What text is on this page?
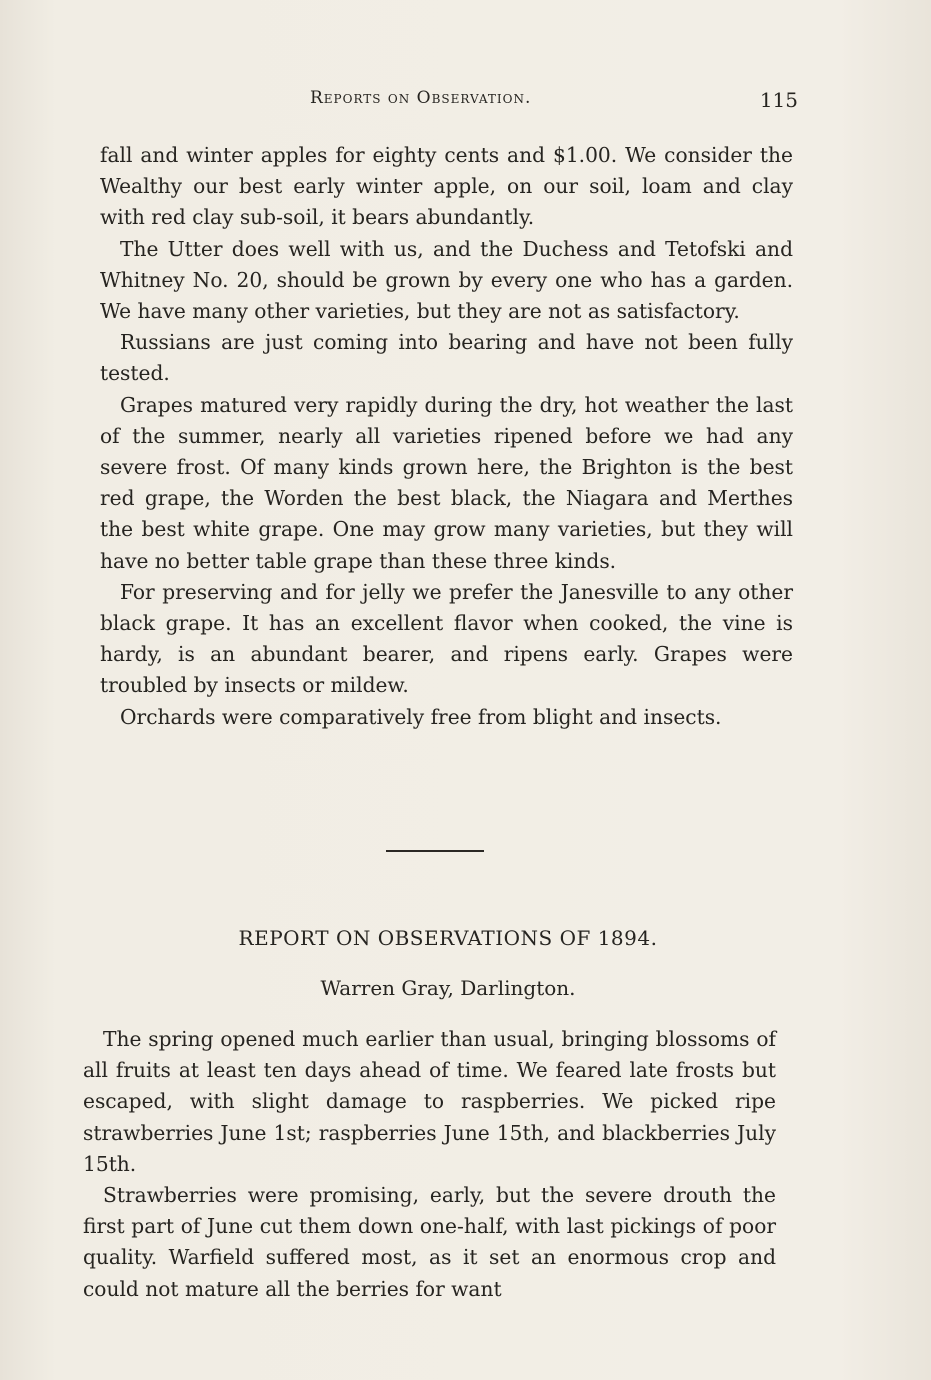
Reports on Observation.	115

fall and winter apples for eighty cents and $1.00. We consider the Wealthy our best early winter apple, on our soil, loam and clay with red clay sub-soil, it bears abundantly.

The Utter does well with us, and the Duchess and Tetofski and Whitney No. 20, should be grown by every one who has a garden. We have many other varieties, but they are not as satisfactory.

Russians are just coming into bearing and have not been fully tested.

Grapes matured very rapidly during the dry, hot weather the last of the summer, nearly all varieties ripened before we had any severe frost. Of many kinds grown here, the Brighton is the best red grape, the Worden the best black, the Niagara and Merthes the best white grape. One may grow many varieties, but they will have no better table grape than these three kinds.

For preserving and for jelly we prefer the Janesville to any other black grape. It has an excellent flavor when cooked, the vine is hardy, is an abundant bearer, and ripens early. Grapes were troubled by insects or mildew.

Orchards were comparatively free from blight and insects.

REPORT ON OBSERVATIONS OF 1894.
Warren Gray, Darlington.

The spring opened much earlier than usual, bringing blossoms of all fruits at least ten days ahead of time. We feared late frosts but escaped, with slight damage to raspberries. We picked ripe strawberries June 1st; raspberries June 15th, and blackberries July 15th.

Strawberries were promising, early, but the severe drouth the first part of June cut them down one-half, with last pickings of poor quality. Warfield suffered most, as it set an enormous crop and could not mature all the berries for want
